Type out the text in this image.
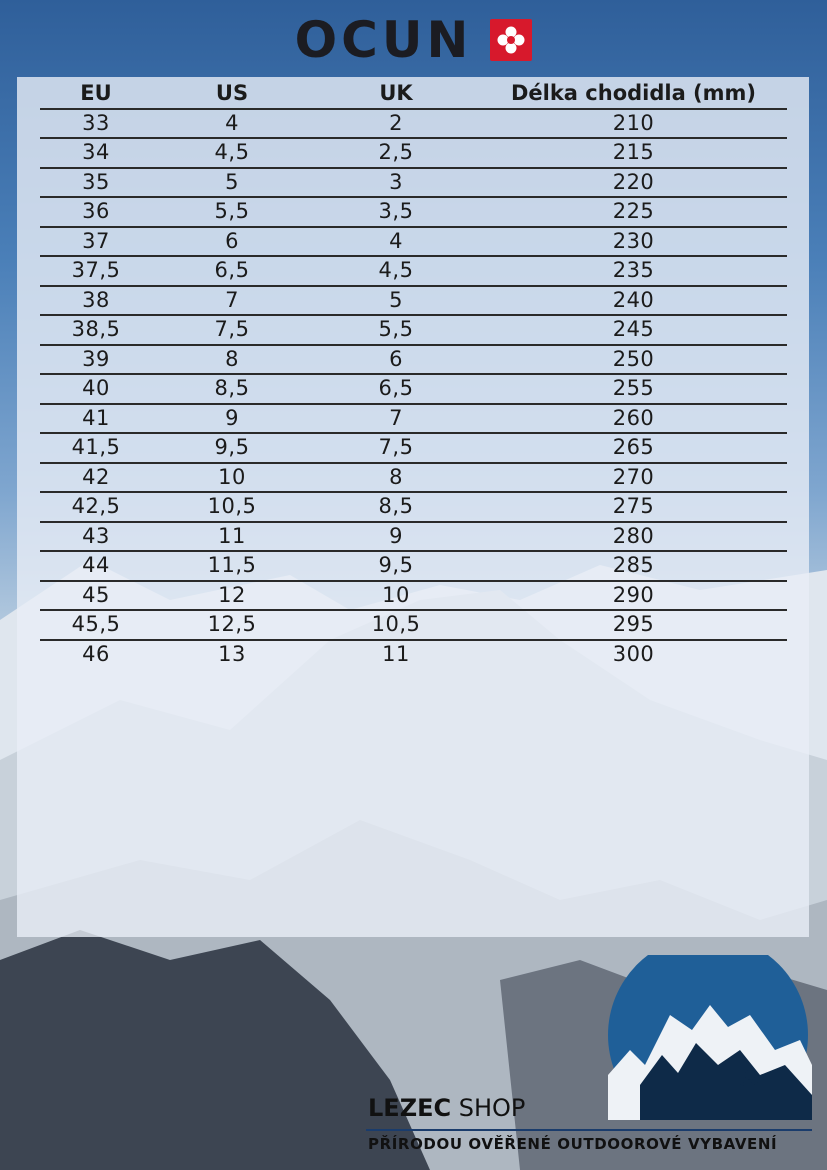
OCUN
EU	US	UK	Délka chodidla (mm)
33	4	2	210
34	4,5	2,5	215
35	5	3	220
36	5,5	3,5	225
37	6	4	230
37,5	6,5	4,5	235
38	7	5	240
38,5	7,5	5,5	245
39	8	6	250
40	8,5	6,5	255
41	9	7	260
41,5	9,5	7,5	265
42	10	8	270
42,5	10,5	8,5	275
43	11	9	280
44	11,5	9,5	285
45	12	10	290
45,5	12,5	10,5	295
46	13	11	300
LEZEC SHOP
PŘÍRODOU OVĚŘENÉ OUTDOOROVÉ VYBAVENÍ
